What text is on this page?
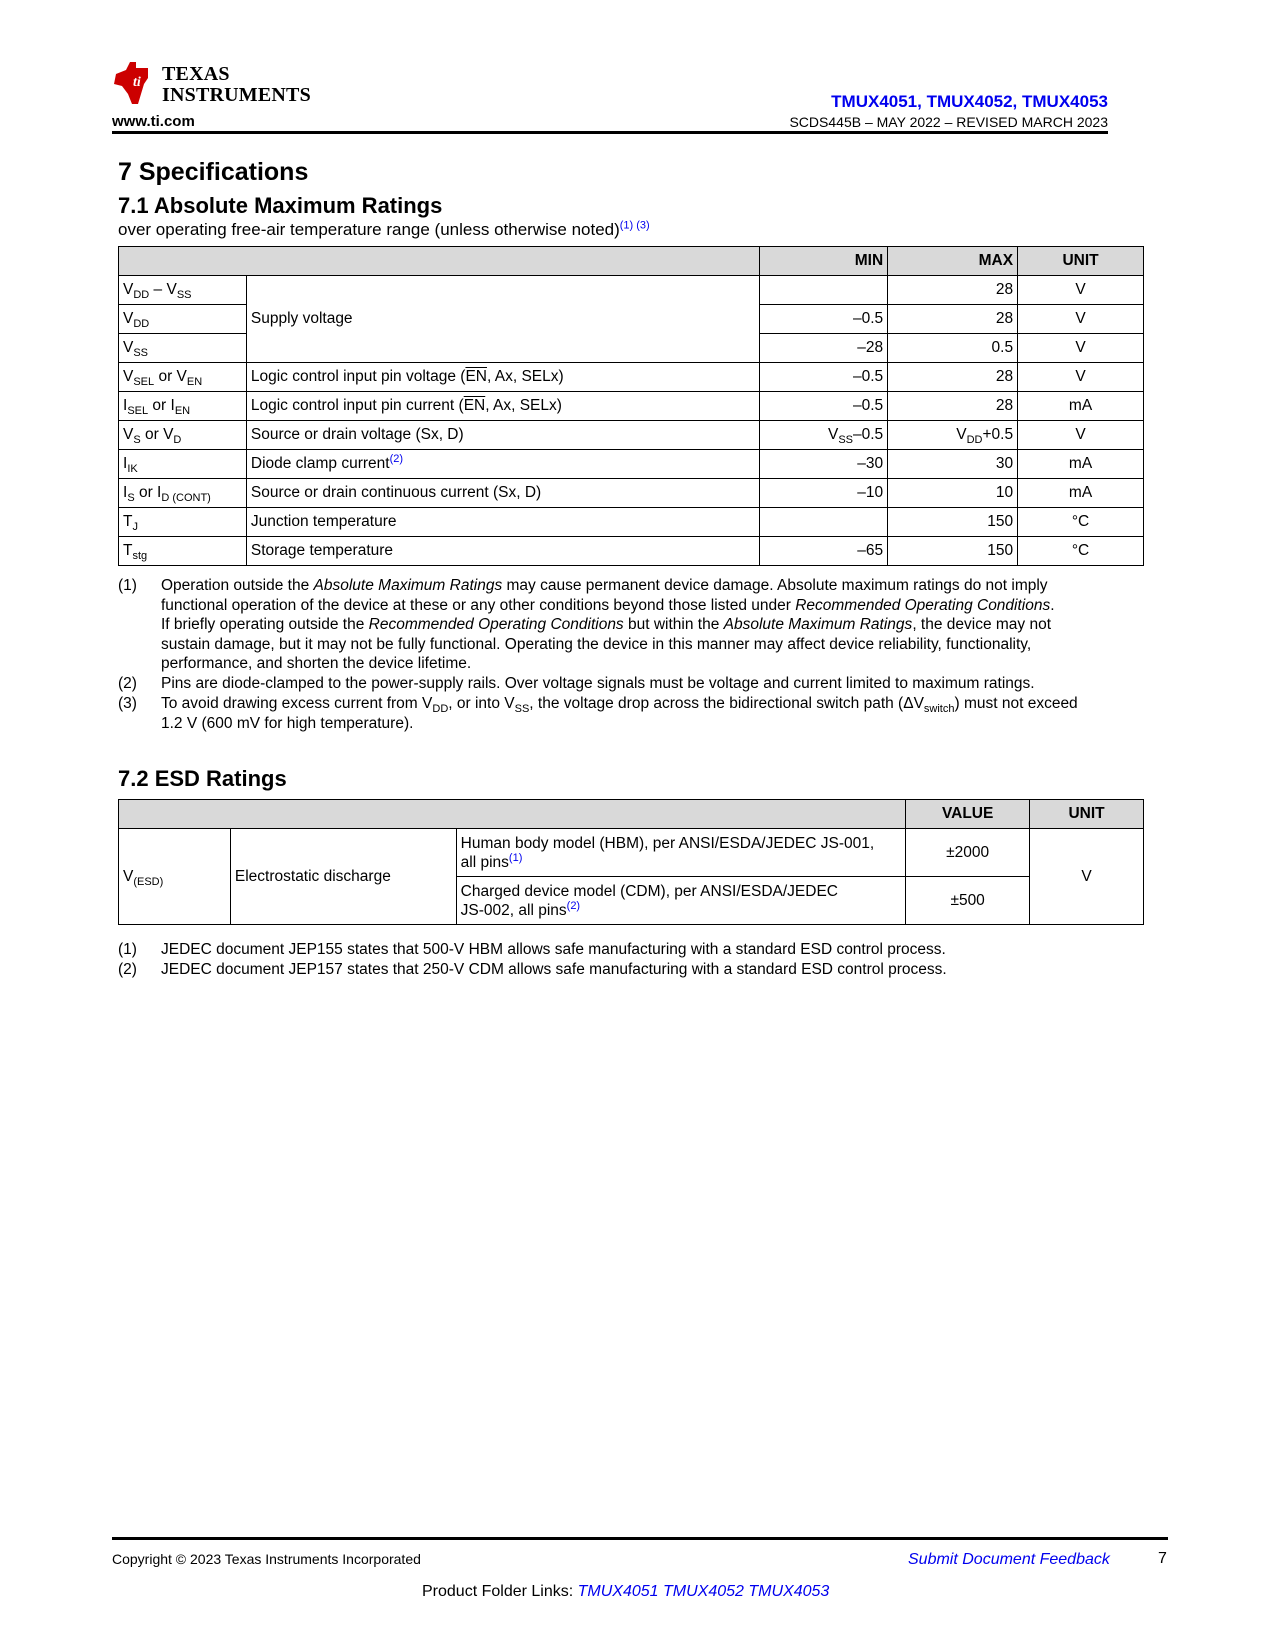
ti TEXAS
INSTRUMENTS
www.ti.com
TMUX4051, TMUX4052, TMUX4053
SCDS445B – MAY 2022 – REVISED MARCH 2023
7 Specifications
7.1 Absolute Maximum Ratings
over operating free-air temperature range (unless otherwise noted)$^{(1) (3)}$
		MIN	MAX	UNIT
$V_{DD} - V_{SS}$	Supply voltage		28	V
$V_{DD}$		–0.5	28	V
$V_{SS}$		–28	0.5	V
$V_{SEL}$ or $V_{EN}$	Logic control input pin voltage ($\overline{EN}$, Ax, SELx)	–0.5	28	V
$I_{SEL}$ or $I_{EN}$	Logic control input pin current ($\overline{EN}$, Ax, SELx)	–0.5	28	mA
$V_S$ or $V_D$	Source or drain voltage (Sx, D)	$V_{SS}-0.5$	$V_{DD}+0.5$	V
$I_{IK}$	Diode clamp current$^{(2)}$	–30	30	mA
$I_S$ or $I_{D (CONT)}$	Source or drain continuous current (Sx, D)	–10	10	mA
$T_J$	Junction temperature		150	°C
$T_{stg}$	Storage temperature	–65	150	°C
(1) Operation outside the Absolute Maximum Ratings may cause permanent device damage. Absolute maximum ratings do not imply
functional operation of the device at these or any other conditions beyond those listed under Recommended Operating Conditions.
If briefly operating outside the Recommended Operating Conditions but within the Absolute Maximum Ratings, the device may not
sustain damage, but it may not be fully functional. Operating the device in this manner may affect device reliability, functionality,
performance, and shorten the device lifetime.
(2) Pins are diode-clamped to the power-supply rails. Over voltage signals must be voltage and current limited to maximum ratings.
(3) To avoid drawing excess current from $V_{DD}$, or into $V_{SS}$, the voltage drop across the bidirectional switch path $(\Delta V_{switch})$ must not exceed
1.2 V (600 mV for high temperature).
7.2 ESD Ratings
			VALUE	UNIT
$V_{(ESD)}$	Electrostatic discharge	Human body model (HBM), per ANSI/ESDA/JEDEC JS-001,
all pins$^{(1)}$	±2000	V

		Charged device model (CDM), per ANSI/ESDA/JEDEC
JS-002, all pins$^{(2)}$	±500	
(1) JEDEC document JEP155 states that 500-V HBM allows safe manufacturing with a standard ESD control process.
(2) JEDEC document JEP157 states that 250-V CDM allows safe manufacturing with a standard ESD control process.
Copyright © 2023 Texas Instruments Incorporated	Submit Document Feedback	7
Product Folder Links: TMUX4051 TMUX4052 TMUX4053
